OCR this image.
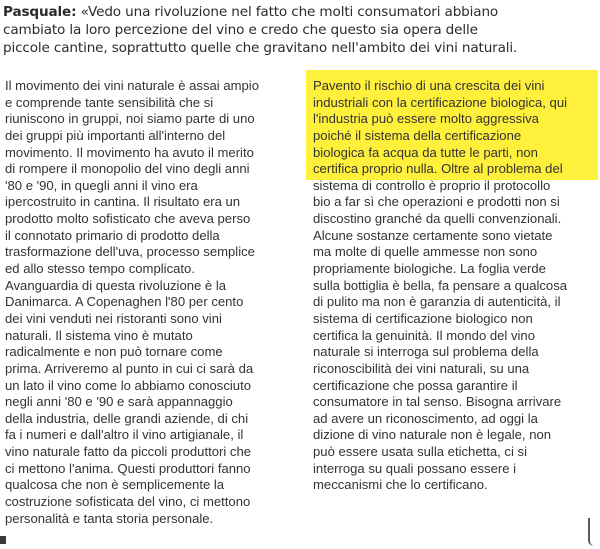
Pasquale: «Vedo una rivoluzione nel fatto che molti consumatori abbiano
cambiato la loro percezione del vino e credo che questo sia opera delle
piccole cantine, soprattutto quelle che gravitano nell'ambito dei vini naturali.

Il movimento dei vini naturale è assai ampio
e comprende tante sensibilità che si
riuniscono in gruppi, noi siamo parte di uno
dei gruppi più importanti all'interno del
movimento. Il movimento ha avuto il merito
di rompere il monopolio del vino degli anni
'80 e '90, in quegli anni il vino era
ipercostruito in cantina. Il risultato era un
prodotto molto sofisticato che aveva perso
il connotato primario di prodotto della
trasformazione dell'uva, processo semplice
ed allo stesso tempo complicato.
Avanguardia di questa rivoluzione è la
Danimarca. A Copenaghen l'80 per cento
dei vini venduti nei ristoranti sono vini
naturali. Il sistema vino è mutato
radicalmente e non può tornare come
prima. Arriveremo al punto in cui ci sarà da
un lato il vino come lo abbiamo conosciuto
negli anni '80 e '90 e sarà appannaggio
della industria, delle grandi aziende, di chi
fa i numeri e dall'altro il vino artigianale, il
vino naturale fatto da piccoli produttori che
ci mettono l'anima. Questi produttori fanno
qualcosa che non è semplicemente la
costruzione sofisticata del vino, ci mettono
personalità e tanta storia personale.
Pavento il rischio di una crescita dei vini
industriali con la certificazione biologica, qui
l'industria può essere molto aggressiva
poiché il sistema della certificazione
biologica fa acqua da tutte le parti, non
certifica proprio nulla. Oltre al problema del
sistema di controllo è proprio il protocollo
bio a far sì che operazioni e prodotti non si
discostino granché da quelli convenzionali.
Alcune sostanze certamente sono vietate
ma molte di quelle ammesse non sono
propriamente biologiche. La foglia verde
sulla bottiglia è bella, fa pensare a qualcosa
di pulito ma non è garanzia di autenticità, il
sistema di certificazione biologico non
certifica la genuinità. Il mondo del vino
naturale si interroga sul problema della
riconoscibilità dei vini naturali, su una
certificazione che possa garantire il
consumatore in tal senso. Bisogna arrivare
ad avere un riconoscimento, ad oggi la
dizione di vino naturale non è legale, non
può essere usata sulla etichetta, ci si
interroga su quali possano essere i
meccanismi che lo certificano.
